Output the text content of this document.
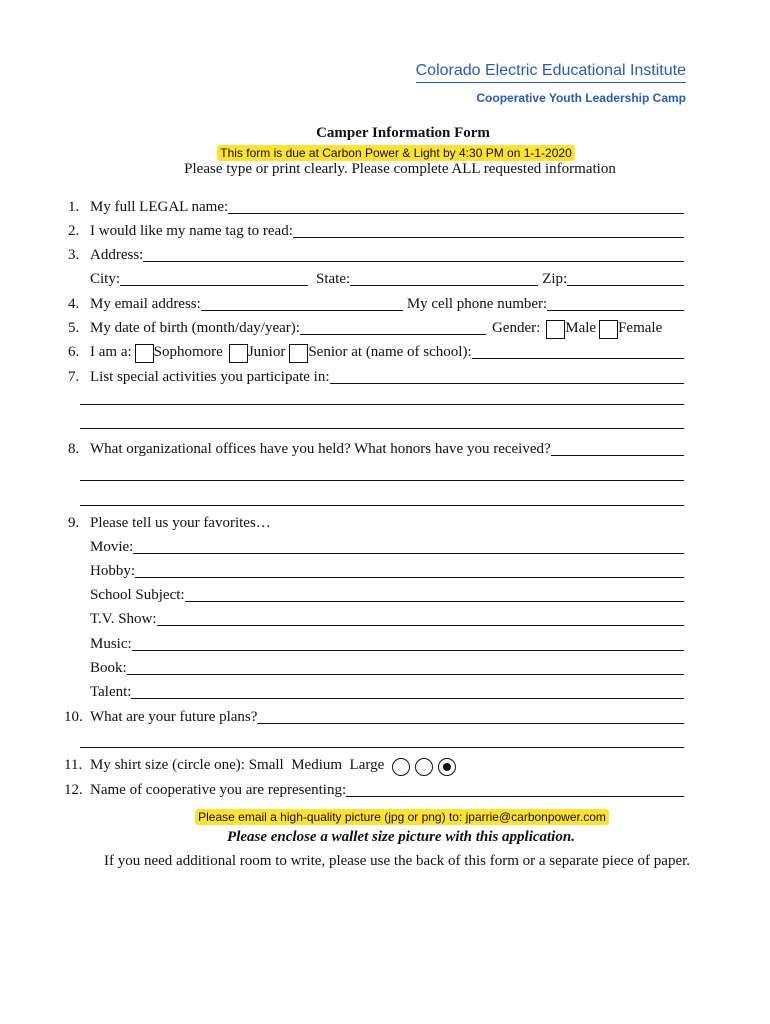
Colorado Electric Educational Institute
Cooperative Youth Leadership Camp
Camper Information Form
This form is due at Carbon Power & Light by 4:30 PM on 1-1-2020
Please type or print clearly. Please complete ALL requested information
1. My full LEGAL name:
2. I would like my name tag to read:
3. Address:
City:	State:	Zip:
4. My email address:	My cell phone number:
5. My date of birth (month/day/year):	Gender: Male Female
6. I am a: Sophomore Junior Senior at (name of school):
7. List special activities you participate in:
8. What organizational offices have you held? What honors have you received?
9. Please tell us your favorites…
Movie:
Hobby:
School Subject:
T.V. Show:
Music:
Book:
Talent:
10. What are your future plans?
11. My shirt size (circle one): Small  Medium  Large
12. Name of cooperative you are representing:
Please email a high-quality picture (jpg or png) to: jparrie@carbonpower.com
Please enclose a wallet size picture with this application.
If you need additional room to write, please use the back of this form or a separate piece of paper.
